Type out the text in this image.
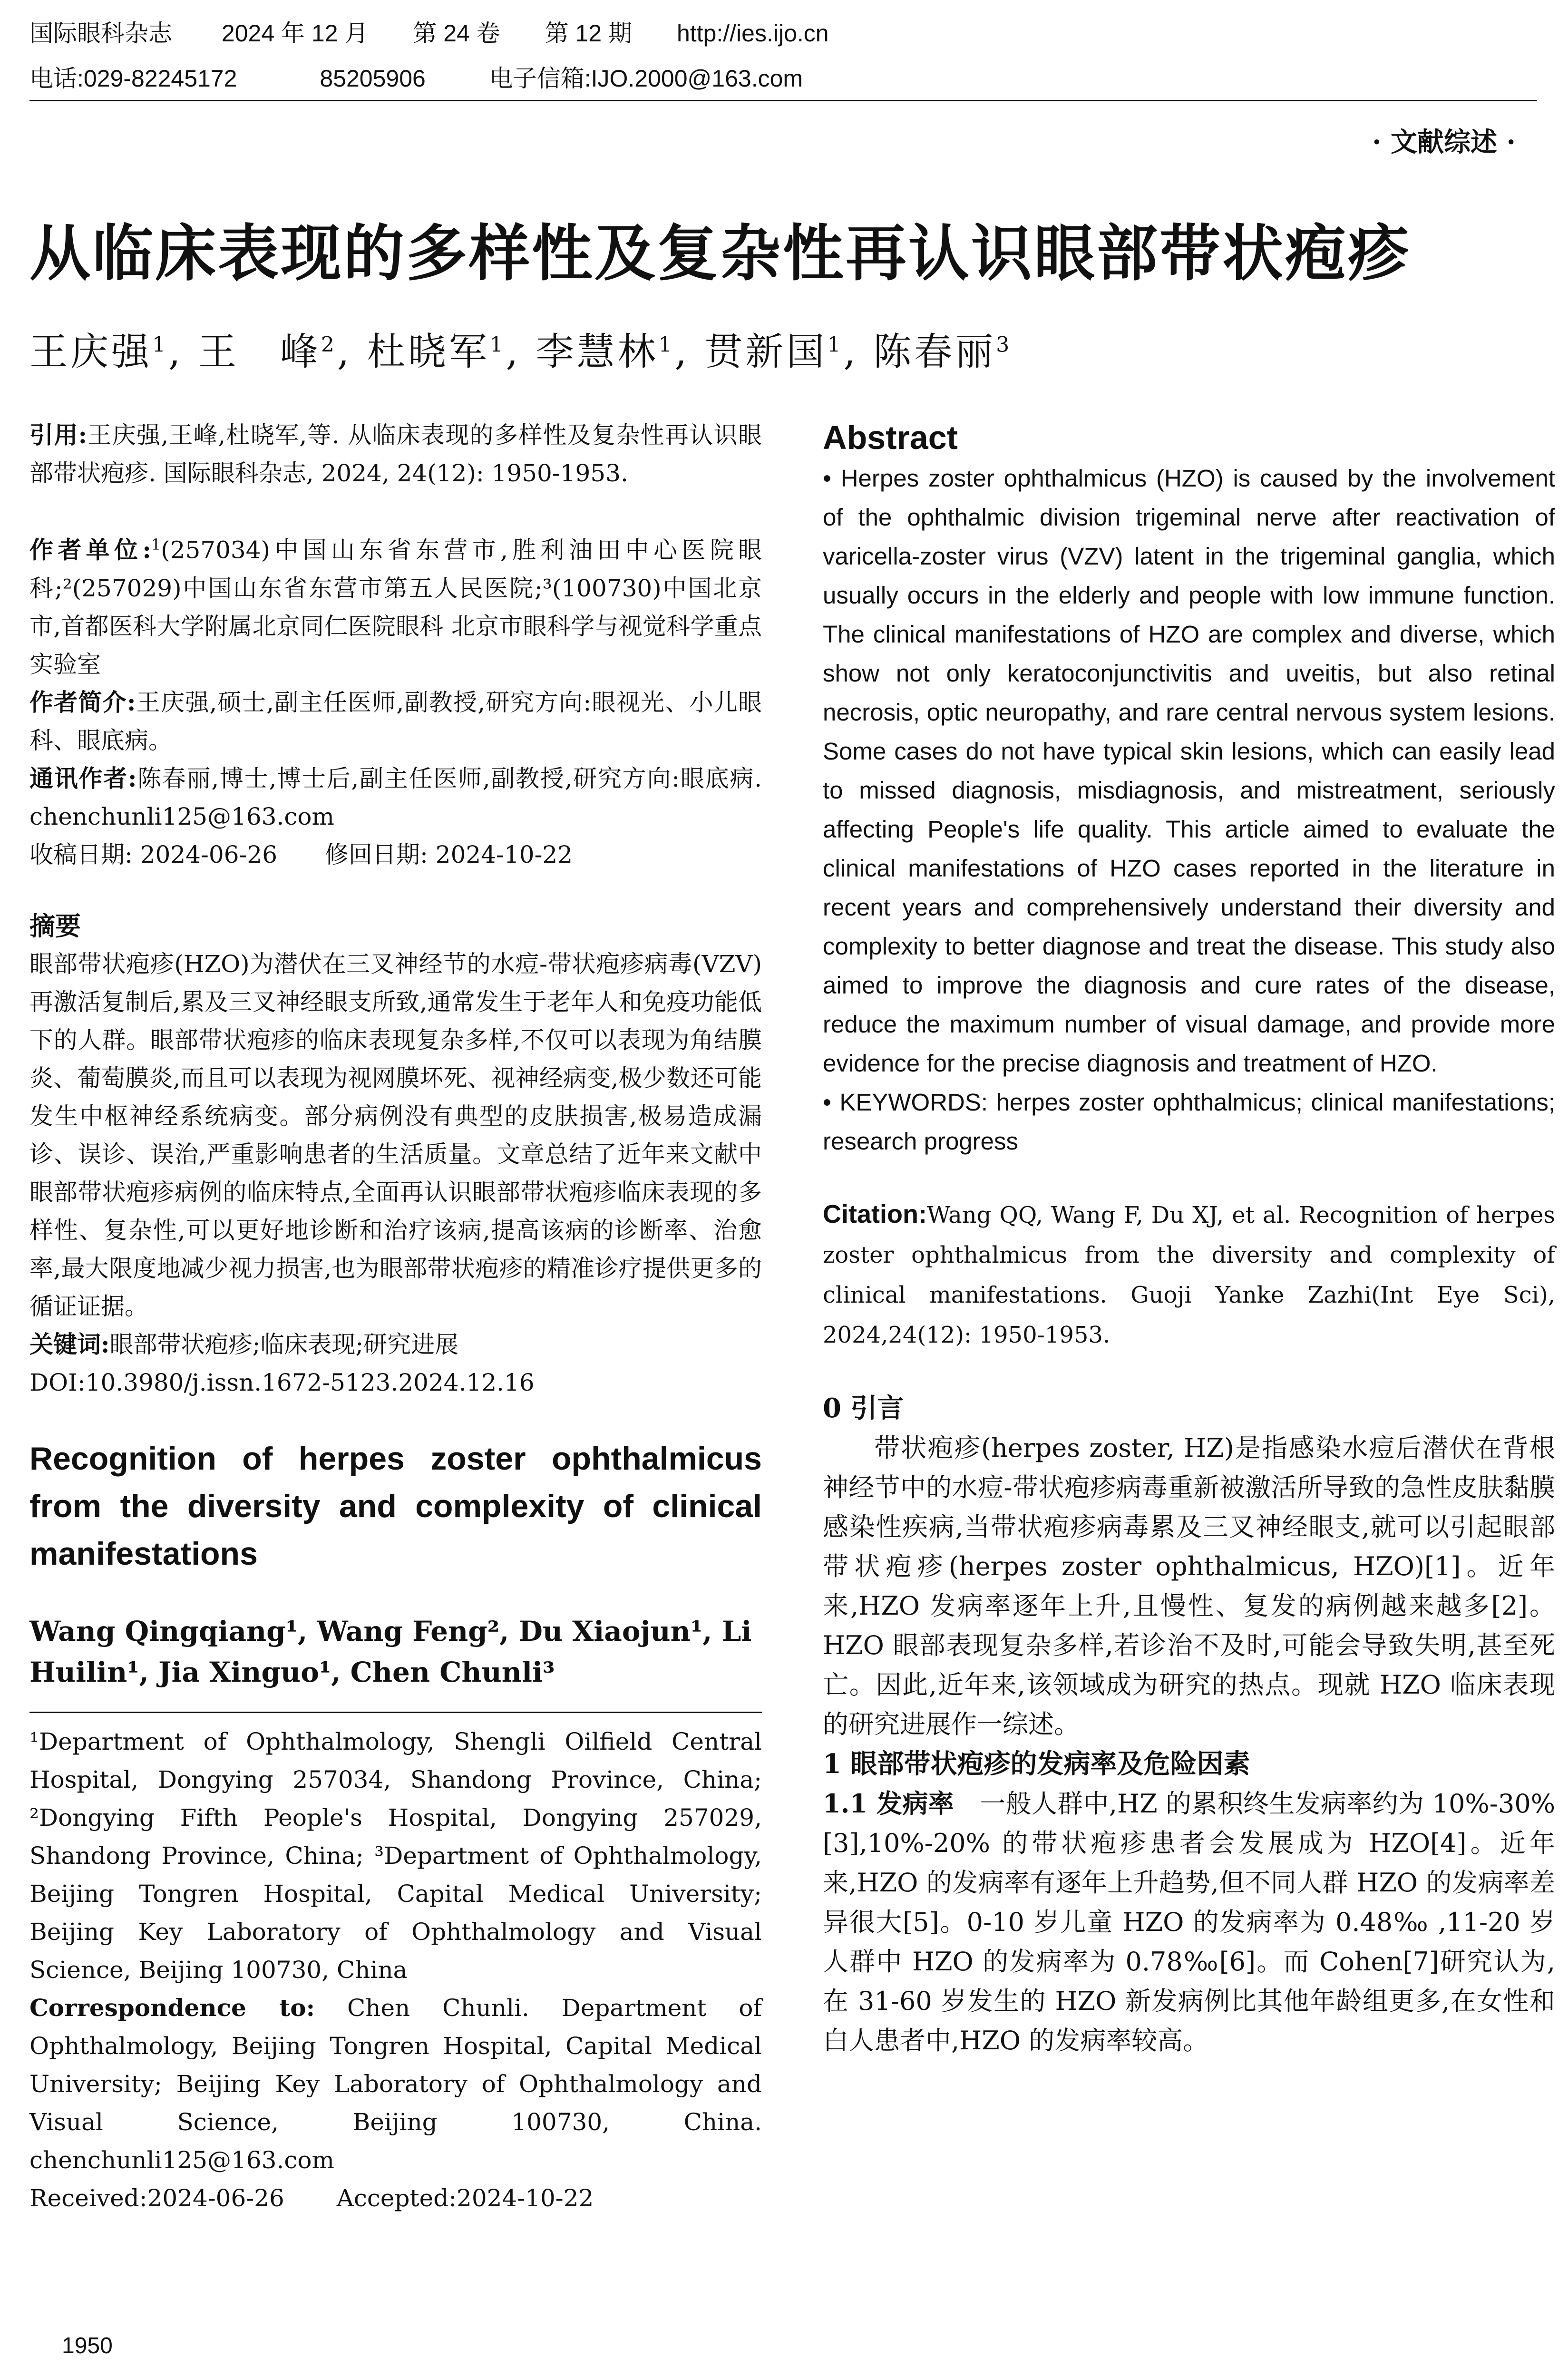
国际眼科杂志 2024 年 12 月 第 24 卷 第 12 期 http://ies.ijo.cn
电话:029-82245172	85205906	电子信箱:IJO.2000@163.com
· 文献综述 ·
从临床表现的多样性及复杂性再认识眼部带状疱疹
王庆强$^1$, 王　峰$^2$, 杜晓军$^1$, 李慧林$^1$, 贯新国$^1$, 陈春丽$^3$

引用:王庆强,王峰,杜晓军,等. 从临床表现的多样性及复杂性再认识眼部带状疱疹. 国际眼科杂志, 2024, 24(12): 1950-1953.

作者单位:$^1$(257034)中国山东省东营市,胜利油田中心医院眼科;²(257029)中国山东省东营市第五人民医院;³(100730)中国北京市,首都医科大学附属北京同仁医院眼科 北京市眼科学与视觉科学重点实验室

作者简介:王庆强,硕士,副主任医师,副教授,研究方向:眼视光、小儿眼科、眼底病。

通讯作者:陈春丽,博士,博士后,副主任医师,副教授,研究方向:眼底病. chenchunli125@163.com

收稿日期: 2024-06-26 修回日期: 2024-10-22

摘要

眼部带状疱疹(HZO)为潜伏在三叉神经节的水痘-带状疱疹病毒(VZV)再激活复制后,累及三叉神经眼支所致,通常发生于老年人和免疫功能低下的人群。眼部带状疱疹的临床表现复杂多样,不仅可以表现为角结膜炎、葡萄膜炎,而且可以表现为视网膜坏死、视神经病变,极少数还可能发生中枢神经系统病变。部分病例没有典型的皮肤损害,极易造成漏诊、误诊、误治,严重影响患者的生活质量。文章总结了近年来文献中眼部带状疱疹病例的临床特点,全面再认识眼部带状疱疹临床表现的多样性、复杂性,可以更好地诊断和治疗该病,提高该病的诊断率、治愈率,最大限度地减少视力损害,也为眼部带状疱疹的精准诊疗提供更多的循证证据。

关键词:眼部带状疱疹;临床表现;研究进展

DOI:10.3980/j.issn.1672-5123.2024.12.16

Recognition of herpes zoster ophthalmicus from the diversity and complexity of clinical manifestations

Wang Qingqiang¹, Wang Feng², Du Xiaojun¹, Li Huilin¹, Jia Xinguo¹, Chen Chunli³

¹Department of Ophthalmology, Shengli Oilfield Central Hospital, Dongying 257034, Shandong Province, China; ²Dongying Fifth People's Hospital, Dongying 257029, Shandong Province, China; ³Department of Ophthalmology, Beijing Tongren Hospital, Capital Medical University; Beijing Key Laboratory of Ophthalmology and Visual Science, Beijing 100730, China

Correspondence to: Chen Chunli. Department of Ophthalmology, Beijing Tongren Hospital, Capital Medical University; Beijing Key Laboratory of Ophthalmology and Visual Science, Beijing 100730, China. chenchunli125@163.com

Received:2024-06-26 Accepted:2024-10-22

Abstract

• Herpes zoster ophthalmicus (HZO) is caused by the involvement of the ophthalmic division trigeminal nerve after reactivation of varicella-zoster virus (VZV) latent in the trigeminal ganglia, which usually occurs in the elderly and people with low immune function. The clinical manifestations of HZO are complex and diverse, which show not only keratoconjunctivitis and uveitis, but also retinal necrosis, optic neuropathy, and rare central nervous system lesions. Some cases do not have typical skin lesions, which can easily lead to missed diagnosis, misdiagnosis, and mistreatment, seriously affecting People's life quality. This article aimed to evaluate the clinical manifestations of HZO cases reported in the literature in recent years and comprehensively understand their diversity and complexity to better diagnose and treat the disease. This study also aimed to improve the diagnosis and cure rates of the disease, reduce the maximum number of visual damage, and provide more evidence for the precise diagnosis and treatment of HZO.

• KEYWORDS: herpes zoster ophthalmicus; clinical manifestations; research progress

Citation:Wang QQ, Wang F, Du XJ, et al. Recognition of herpes zoster ophthalmicus from the diversity and complexity of clinical manifestations. Guoji Yanke Zazhi(Int Eye Sci), 2024,24(12): 1950-1953.

0 引言

带状疱疹(herpes zoster, HZ)是指感染水痘后潜伏在背根神经节中的水痘-带状疱疹病毒重新被激活所导致的急性皮肤黏膜感染性疾病,当带状疱疹病毒累及三叉神经眼支,就可以引起眼部带状疱疹(herpes zoster ophthalmicus, HZO)[1]。近年来,HZO 发病率逐年上升,且慢性、复发的病例越来越多[2]。HZO 眼部表现复杂多样,若诊治不及时,可能会导致失明,甚至死亡。因此,近年来,该领域成为研究的热点。现就 HZO 临床表现的研究进展作一综述。

1 眼部带状疱疹的发病率及危险因素

1.1 发病率　 一般人群中,HZ 的累积终生发病率约为 10%-30%[3],10%-20% 的带状疱疹患者会发展成为 HZO[4]。近年来,HZO 的发病率有逐年上升趋势,但不同人群 HZO 的发病率差异很大[5]。0-10 岁儿童 HZO 的发病率为 0.48‰ ,11-20 岁人群中 HZO 的发病率为 0.78‰[6]。而 Cohen[7]研究认为,在 31-60 岁发生的 HZO 新发病例比其他年龄组更多,在女性和白人患者中,HZO 的发病率较高。

1950
